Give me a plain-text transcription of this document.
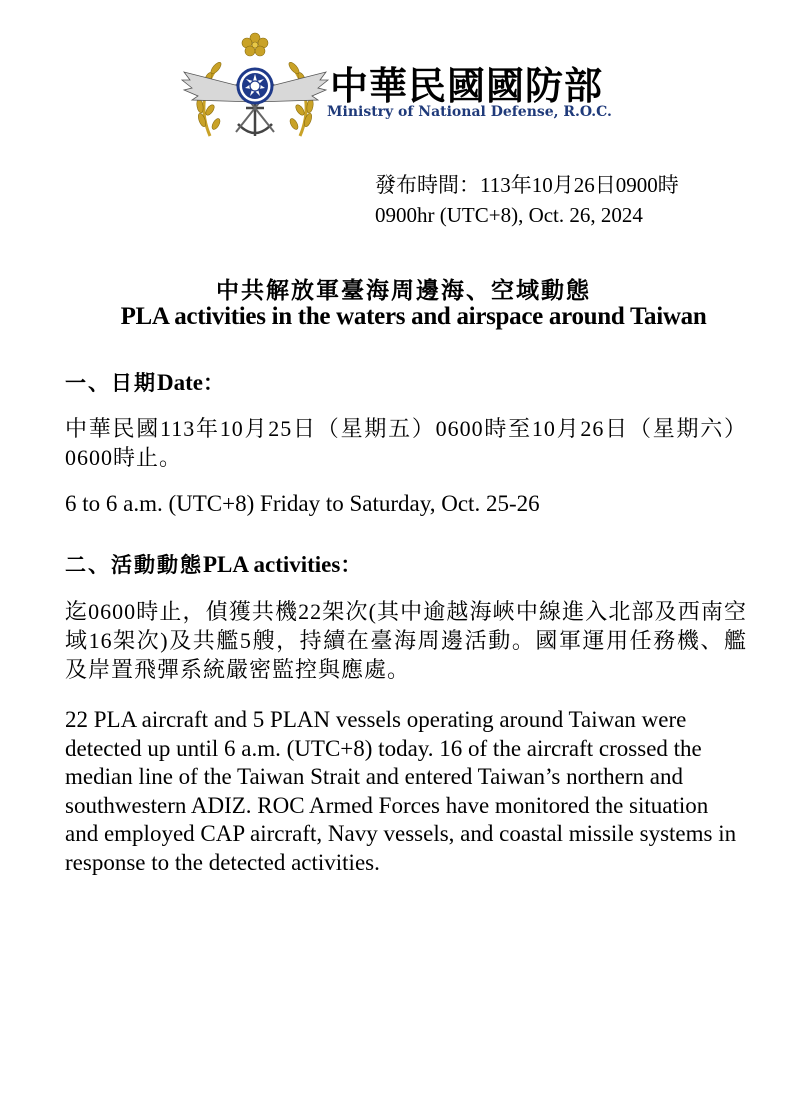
中華民國國防部
Ministry of National Defense, R.O.C.
發布時間：113年10月26日0900時
0900hr (UTC+8), Oct. 26, 2024
中共解放軍臺海周邊海、空域動態
PLA activities in the waters and airspace around Taiwan
一、日期Date：
中華民國113年10月25日（星期五）0600時至10月26日（星期六）0600時止。
6 to 6 a.m. (UTC+8) Friday to Saturday, Oct. 25-26
二、活動動態PLA activities：
迄0600時止，偵獲共機22架次(其中逾越海峽中線進入北部及西南空域16架次)及共艦5艘，持續在臺海周邊活動。國軍運用任務機、艦及岸置飛彈系統嚴密監控與應處。
22 PLA aircraft and 5 PLAN vessels operating around Taiwan were detected up until 6 a.m. (UTC+8) today. 16 of the aircraft crossed the median line of the Taiwan Strait and entered Taiwan’s northern and southwestern ADIZ. ROC Armed Forces have monitored the situation and employed CAP aircraft, Navy vessels, and coastal missile systems in response to the detected activities.
